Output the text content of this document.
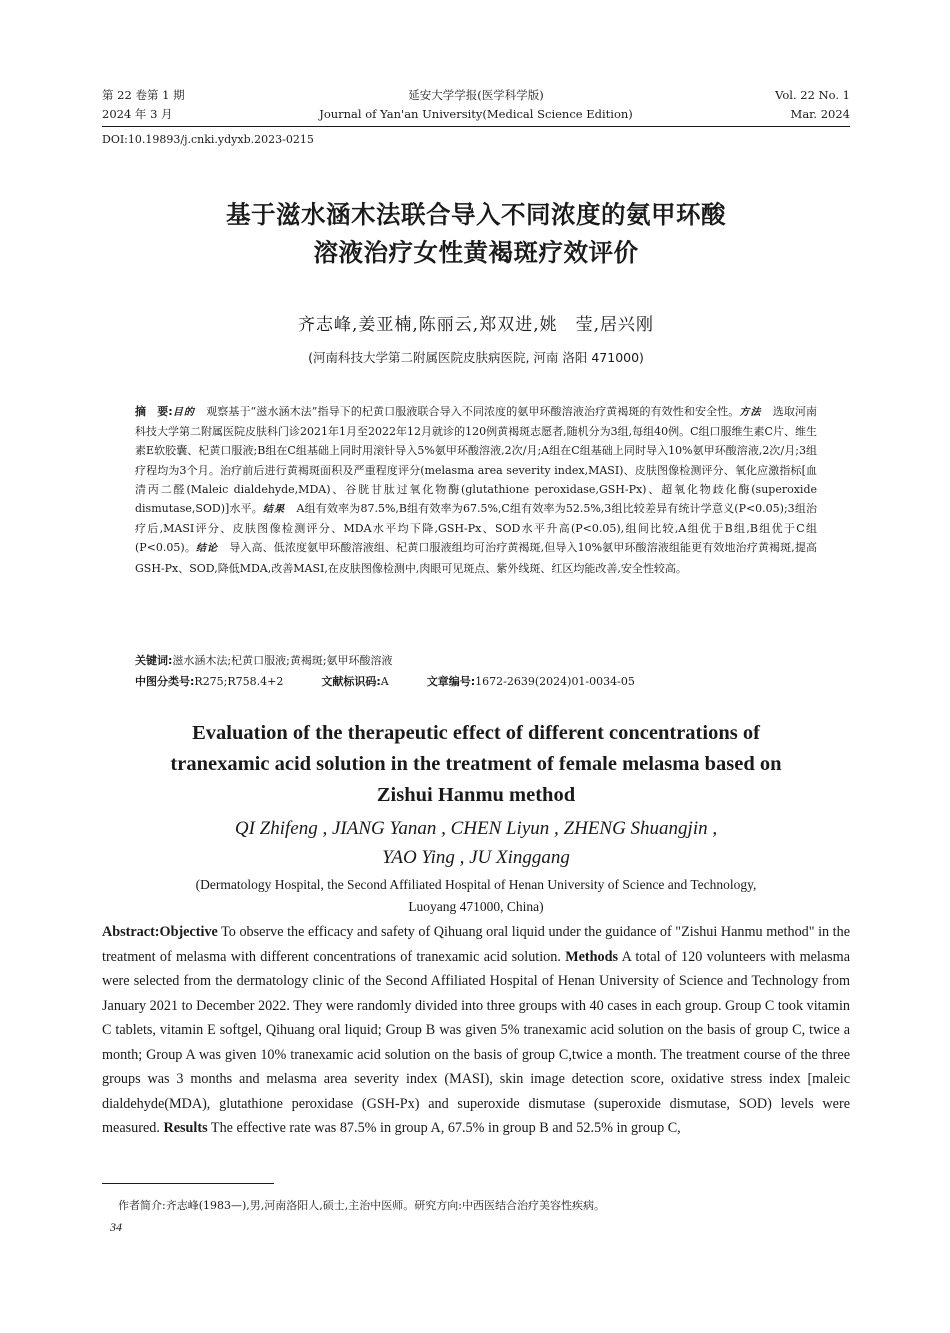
第 22 卷第 1 期
2024 年 3 月
延安大学学报(医学科学版)
Journal of Yan'an University(Medical Science Edition)
Vol. 22 No. 1
Mar. 2024
DOI:10.19893/j.cnki.ydyxb.2023-0215
基于滋水涵木法联合导入不同浓度的氨甲环酸
溶液治疗女性黄褐斑疗效评价
齐志峰,姜亚楠,陈丽云,郑双进,姚　莹,居兴刚
(河南科技大学第二附属医院皮肤病医院, 河南 洛阳 471000)
摘　要:目的　 观察基于“滋水涵木法”指导下的杞黄口服液联合导入不同浓度的氨甲环酸溶液治疗黄褐斑的有效性和安全性。方法　 选取河南科技大学第二附属医院皮肤科门诊2021年1月至2022年12月就诊的120例黄褐斑志愿者,随机分为3组,每组40例。C组口服维生素C片、维生素E软胶囊、杞黄口服液;B组在C组基础上同时用滚针导入5%氨甲环酸溶液,2次/月;A组在C组基础上同时导入10%氨甲环酸溶液,2次/月;3组疗程均为3个月。治疗前后进行黄褐斑面积及严重程度评分(melasma area severity index,MASI)、皮肤图像检测评分、氧化应激指标[血清丙二醛(Maleic dialdehyde,MDA)、谷胱甘肽过氧化物酶(glutathione peroxidase,GSH-Px)、超氧化物歧化酶(superoxide dismutase,SOD)]水平。结果　 A组有效率为87.5%,B组有效率为67.5%,C组有效率为52.5%,3组比较差异有统计学意义(P<0.05);3组治疗后,MASI评分、皮肤图像检测评分、MDA水平均下降,GSH-Px、SOD水平升高(P<0.05),组间比较,A组优于B组,B组优于C组(P<0.05)。结论　 导入高、低浓度氨甲环酸溶液组、杞黄口服液组均可治疗黄褐斑,但导入10%氨甲环酸溶液组能更有效地治疗黄褐斑,提高GSH-Px、SOD,降低MDA,改善MASI,在皮肤图像检测中,肉眼可见斑点、紫外线斑、红区均能改善,安全性较高。
关键词:滋水涵木法;杞黄口服液;黄褐斑;氨甲环酸溶液
中图分类号:R275;R758.4+2	文献标识码:A	文章编号:1672-2639(2024)01-0034-05
Evaluation of the therapeutic effect of different concentrations of
tranexamic acid solution in the treatment of female melasma based on
Zishui Hanmu method
QI Zhifeng , JIANG Yanan , CHEN Liyun , ZHENG Shuangjin ,
YAO Ying , JU Xinggang
(Dermatology Hospital, the Second Affiliated Hospital of Henan University of Science and Technology,
Luoyang 471000, China)
Abstract:Objective To observe the efficacy and safety of Qihuang oral liquid under the guidance of "Zishui Hanmu method" in the treatment of melasma with different concentrations of tranexamic acid solution. Methods A total of 120 volunteers with melasma were selected from the dermatology clinic of the Second Affiliated Hospital of Henan University of Science and Technology from January 2021 to December 2022. They were randomly divided into three groups with 40 cases in each group. Group C took vitamin C tablets, vitamin E softgel, Qihuang oral liquid; Group B was given 5% tranexamic acid solution on the basis of group C, twice a month; Group A was given 10% tranexamic acid solution on the basis of group C,twice a month. The treatment course of the three groups was 3 months and melasma area severity index (MASI), skin image detection score, oxidative stress index [maleic dialdehyde(MDA), glutathione peroxidase (GSH-Px) and superoxide dismutase (superoxide dismutase, SOD) levels were measured. Results The effective rate was 87.5% in group A, 67.5% in group B and 52.5% in group C,
作者简介:齐志峰(1983—),男,河南洛阳人,硕士,主治中医师。研究方向:中西医结合治疗美容性疾病。
34
